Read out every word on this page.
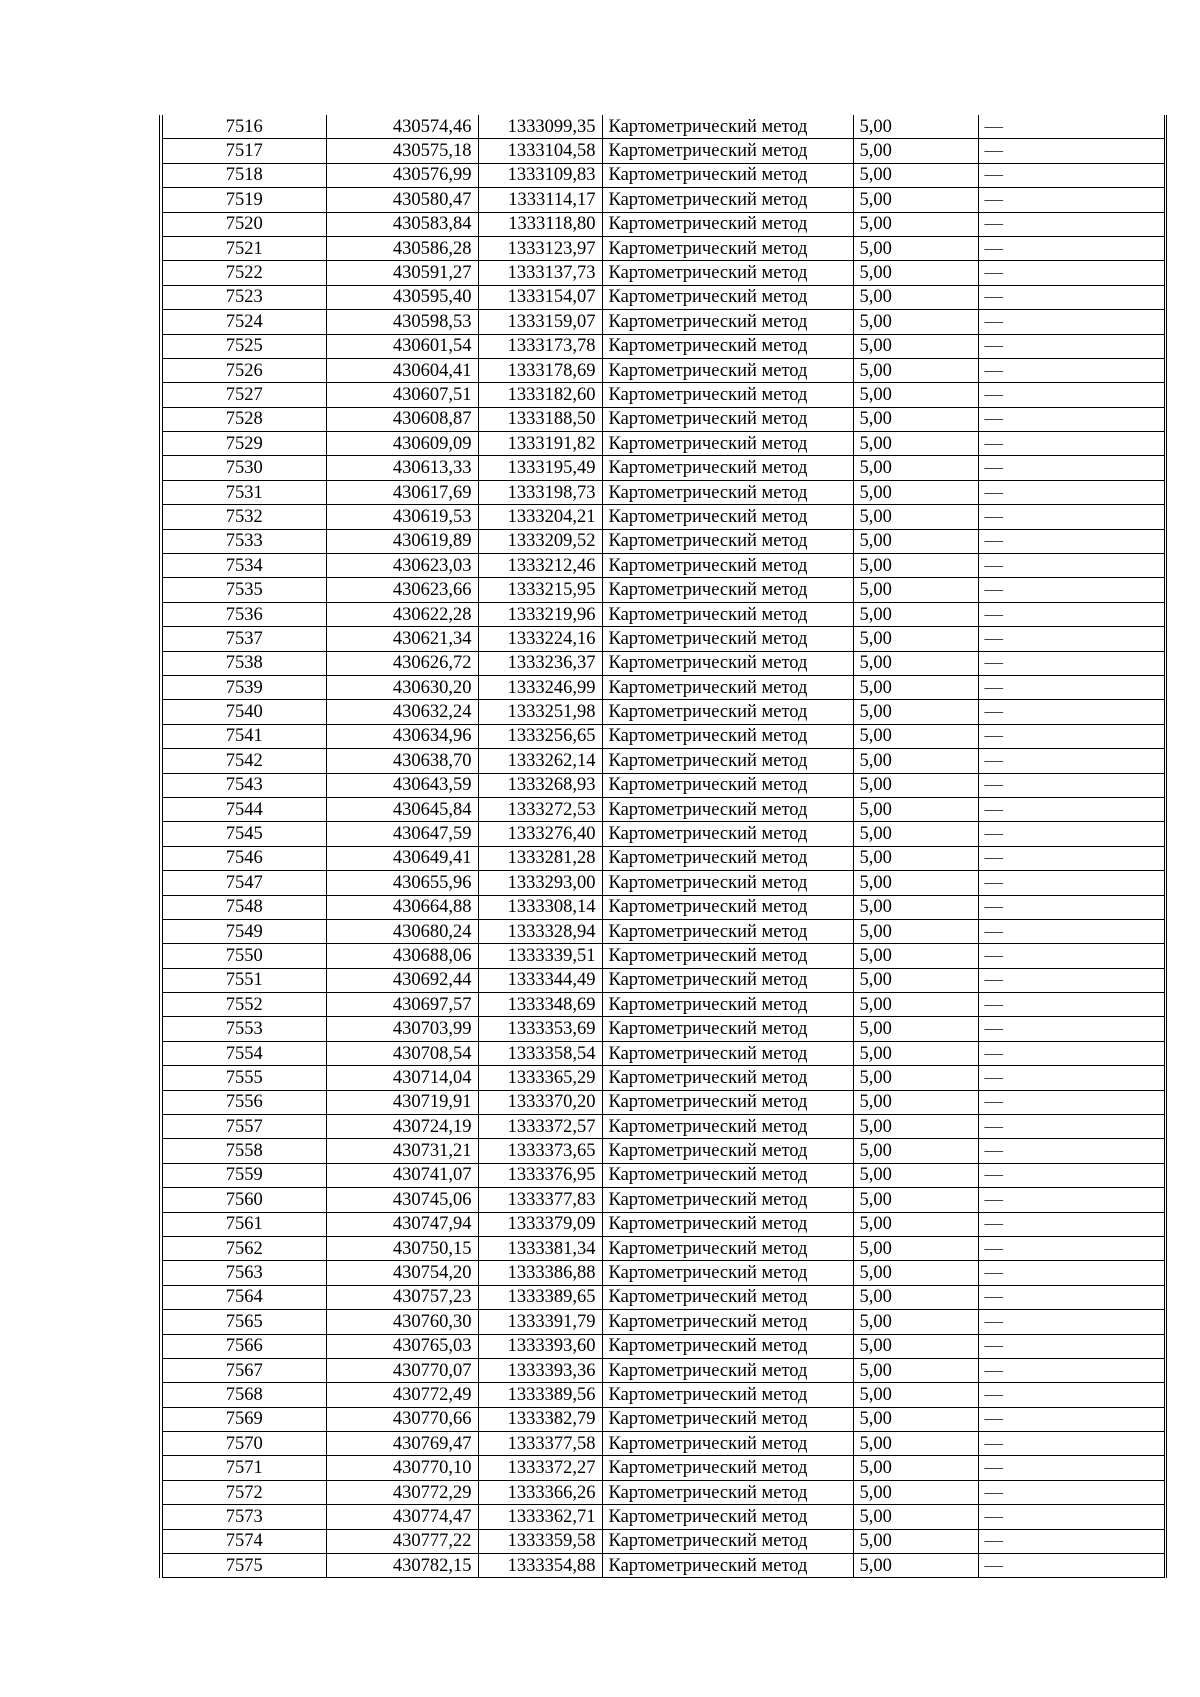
7516	430574,46	1333099,35	Картометрический метод	5,00	—
7517	430575,18	1333104,58	Картометрический метод	5,00	—
7518	430576,99	1333109,83	Картометрический метод	5,00	—
7519	430580,47	1333114,17	Картометрический метод	5,00	—
7520	430583,84	1333118,80	Картометрический метод	5,00	—
7521	430586,28	1333123,97	Картометрический метод	5,00	—
7522	430591,27	1333137,73	Картометрический метод	5,00	—
7523	430595,40	1333154,07	Картометрический метод	5,00	—
7524	430598,53	1333159,07	Картометрический метод	5,00	—
7525	430601,54	1333173,78	Картометрический метод	5,00	—
7526	430604,41	1333178,69	Картометрический метод	5,00	—
7527	430607,51	1333182,60	Картометрический метод	5,00	—
7528	430608,87	1333188,50	Картометрический метод	5,00	—
7529	430609,09	1333191,82	Картометрический метод	5,00	—
7530	430613,33	1333195,49	Картометрический метод	5,00	—
7531	430617,69	1333198,73	Картометрический метод	5,00	—
7532	430619,53	1333204,21	Картометрический метод	5,00	—
7533	430619,89	1333209,52	Картометрический метод	5,00	—
7534	430623,03	1333212,46	Картометрический метод	5,00	—
7535	430623,66	1333215,95	Картометрический метод	5,00	—
7536	430622,28	1333219,96	Картометрический метод	5,00	—
7537	430621,34	1333224,16	Картометрический метод	5,00	—
7538	430626,72	1333236,37	Картометрический метод	5,00	—
7539	430630,20	1333246,99	Картометрический метод	5,00	—
7540	430632,24	1333251,98	Картометрический метод	5,00	—
7541	430634,96	1333256,65	Картометрический метод	5,00	—
7542	430638,70	1333262,14	Картометрический метод	5,00	—
7543	430643,59	1333268,93	Картометрический метод	5,00	—
7544	430645,84	1333272,53	Картометрический метод	5,00	—
7545	430647,59	1333276,40	Картометрический метод	5,00	—
7546	430649,41	1333281,28	Картометрический метод	5,00	—
7547	430655,96	1333293,00	Картометрический метод	5,00	—
7548	430664,88	1333308,14	Картометрический метод	5,00	—
7549	430680,24	1333328,94	Картометрический метод	5,00	—
7550	430688,06	1333339,51	Картометрический метод	5,00	—
7551	430692,44	1333344,49	Картометрический метод	5,00	—
7552	430697,57	1333348,69	Картометрический метод	5,00	—
7553	430703,99	1333353,69	Картометрический метод	5,00	—
7554	430708,54	1333358,54	Картометрический метод	5,00	—
7555	430714,04	1333365,29	Картометрический метод	5,00	—
7556	430719,91	1333370,20	Картометрический метод	5,00	—
7557	430724,19	1333372,57	Картометрический метод	5,00	—
7558	430731,21	1333373,65	Картометрический метод	5,00	—
7559	430741,07	1333376,95	Картометрический метод	5,00	—
7560	430745,06	1333377,83	Картометрический метод	5,00	—
7561	430747,94	1333379,09	Картометрический метод	5,00	—
7562	430750,15	1333381,34	Картометрический метод	5,00	—
7563	430754,20	1333386,88	Картометрический метод	5,00	—
7564	430757,23	1333389,65	Картометрический метод	5,00	—
7565	430760,30	1333391,79	Картометрический метод	5,00	—
7566	430765,03	1333393,60	Картометрический метод	5,00	—
7567	430770,07	1333393,36	Картометрический метод	5,00	—
7568	430772,49	1333389,56	Картометрический метод	5,00	—
7569	430770,66	1333382,79	Картометрический метод	5,00	—
7570	430769,47	1333377,58	Картометрический метод	5,00	—
7571	430770,10	1333372,27	Картометрический метод	5,00	—
7572	430772,29	1333366,26	Картометрический метод	5,00	—
7573	430774,47	1333362,71	Картометрический метод	5,00	—
7574	430777,22	1333359,58	Картометрический метод	5,00	—
7575	430782,15	1333354,88	Картометрический метод	5,00	—
